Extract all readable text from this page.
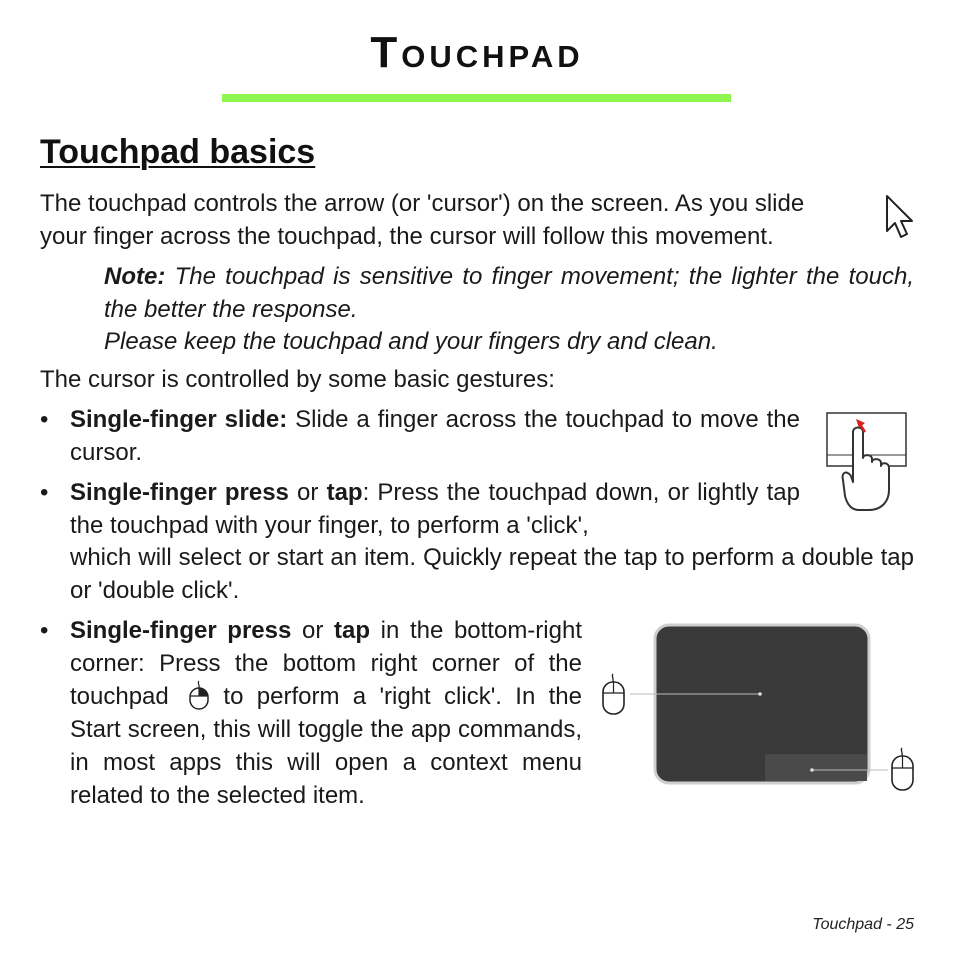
Touchpad
Touchpad basics
The touchpad controls the arrow (or 'cursor') on the screen. As you slide
your finger across the touchpad, the cursor will follow this movement.
Note: The touchpad is sensitive to finger movement; the lighter the touch, the better the response.
Please keep the touchpad and your fingers dry and clean.
The cursor is controlled by some basic gestures:
• Single-finger slide: Slide a finger across the touchpad to move the cursor.
• Single-finger press or tap: Press the touchpad down, or lightly tap the touchpad with your finger, to perform a 'click',
which will select or start an item. Quickly repeat the tap to perform a double tap or 'double click'.
• Single-finger press or tap in the bottom-right corner: Press the bottom right corner of the touchpad  to perform a 'right click'. In the Start screen, this will toggle the app commands, in most apps this will open a context menu related to the selected item.
Touchpad - 25
